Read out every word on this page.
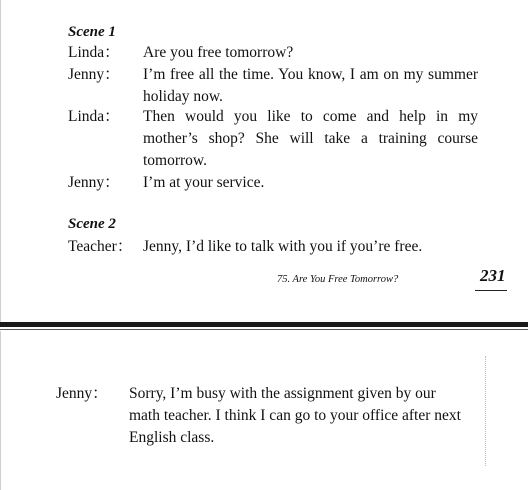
Scene 1
Linda： Are you free tomorrow?
Jenny： I’m free all the time. You know, I am on my summer holiday now.
Linda： Then would you like to come and help in my mother’s shop? She will take a training course tomorrow.
Jenny： I’m at your service.
Scene 2
Teacher： Jenny, I’d like to talk with you if you’re free.
75. Are You Free Tomorrow?	231
Jenny： Sorry, I’m busy with the assignment given by our math teacher. I think I can go to your office after next English class.
